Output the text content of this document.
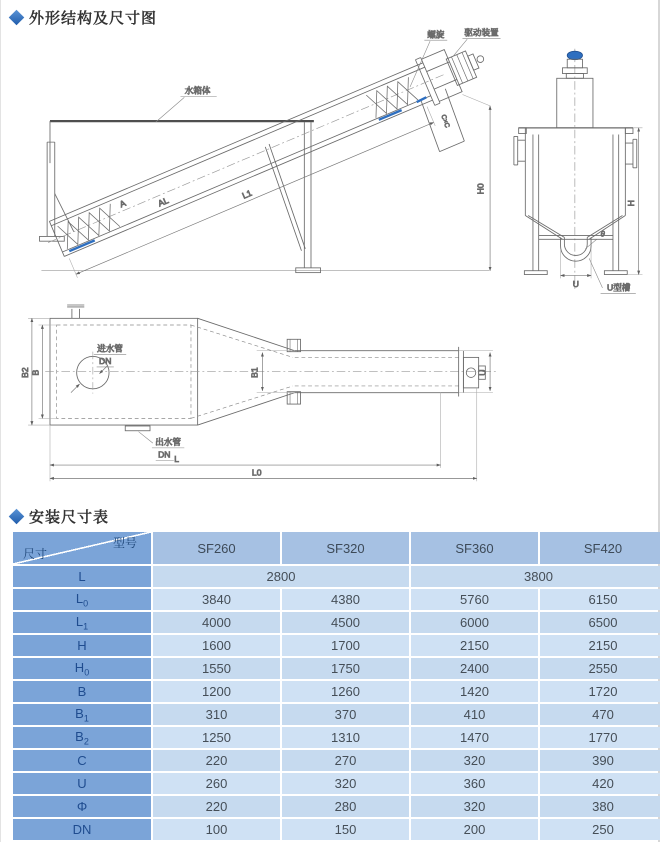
外形结构及尺寸图
L1
A	AL
C×C
H0
水箱体
螺旋 驱动装置
θ
H
U	U型槽
进水管
DN
出水管
DN
B2 B	B1	U
L
L0
安装尺寸表
型号
尺寸	SF260	SF320	SF360	SF420
L	2800		3800	
$L_0$	3840	4380	5760	6150
$L_1$	4000	4500	6000	6500
H	1600	1700	2150	2150
$H_0$	1550	1750	2400	2550
B	1200	1260	1420	1720
$B_1$	310	370	410	470
$B_2$	1250	1310	1470	1770
C	220	270	320	390
U	260	320	360	420
Φ	220	280	320	380
DN	100	150	200	250
